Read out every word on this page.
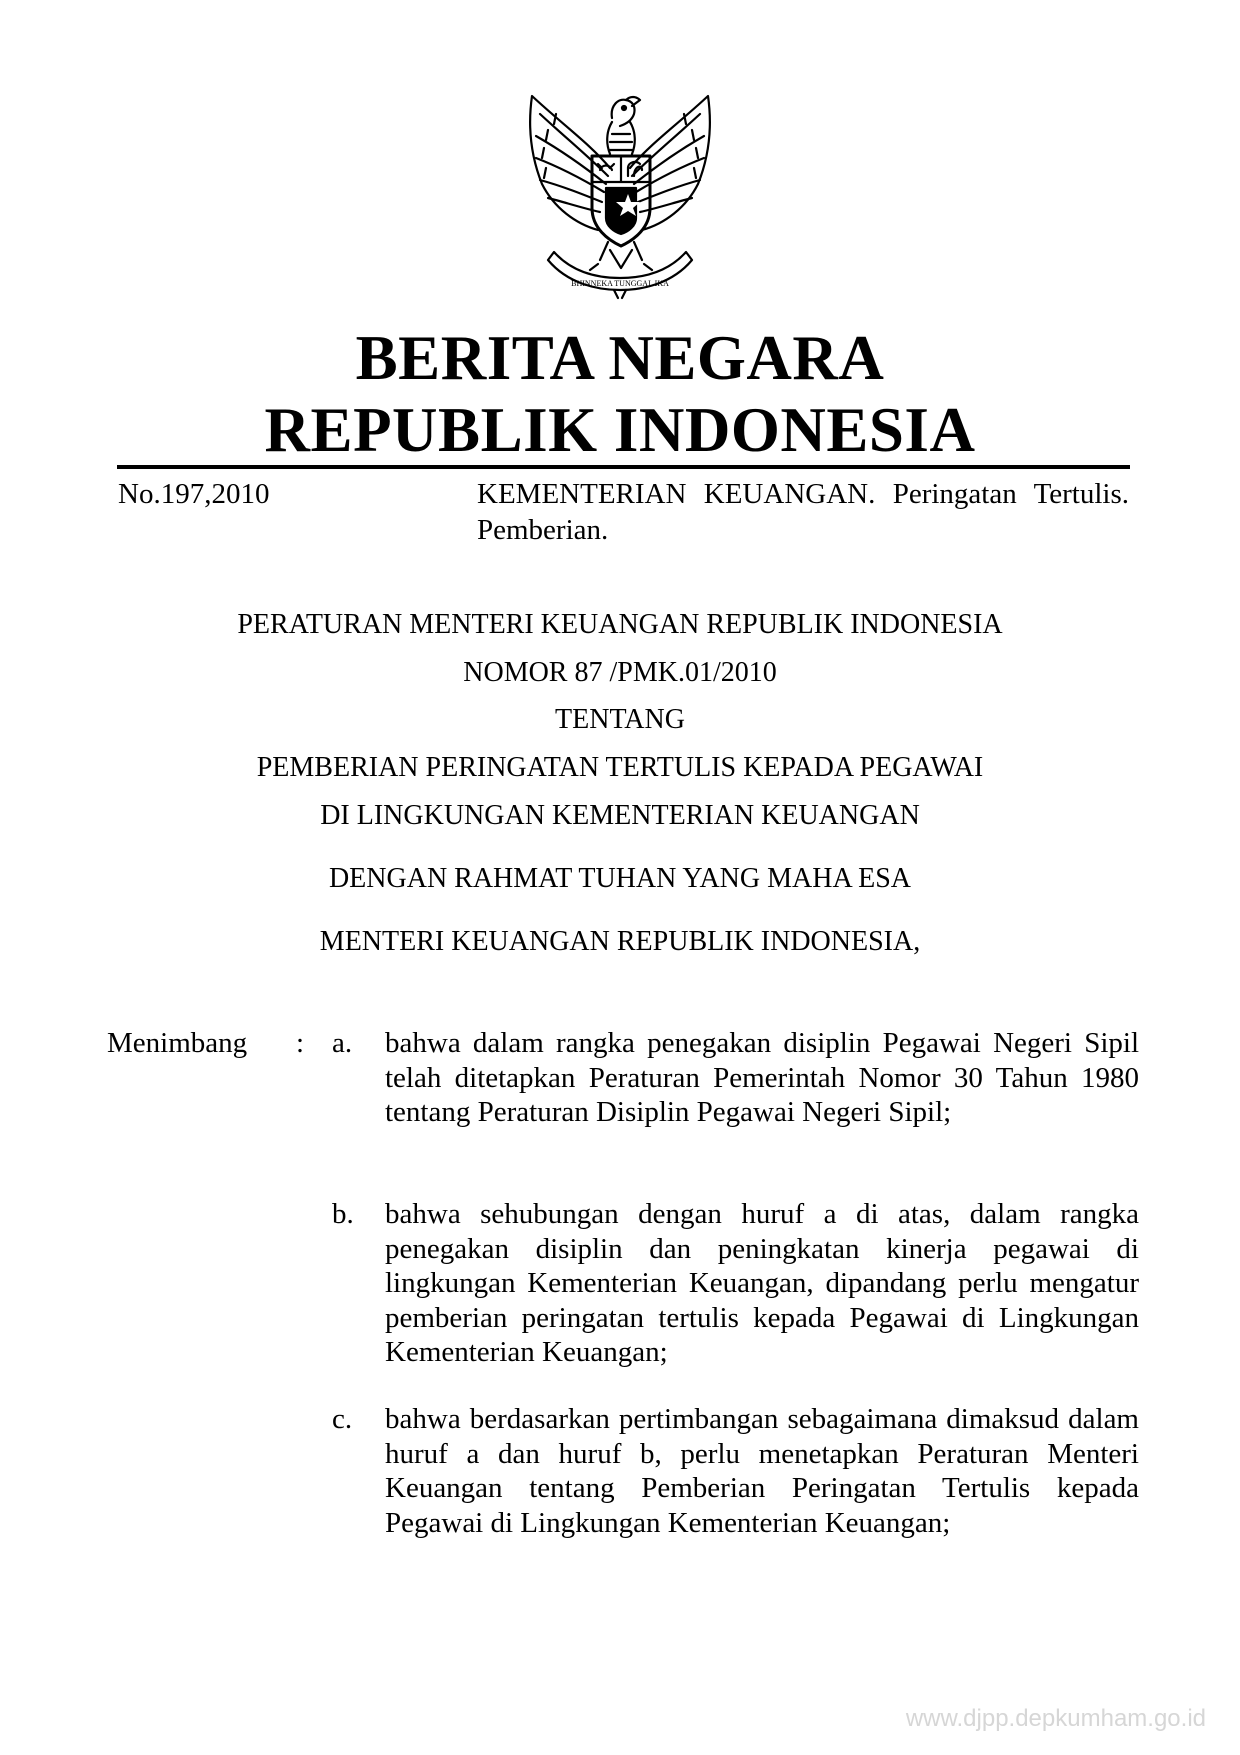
BHINNEKA TUNGGAL IKA
BERITA NEGARA
REPUBLIK INDONESIA
No.197,2010	KEMENTERIAN KEUANGAN. Peringatan Tertulis. Pemberian.
PERATURAN MENTERI KEUANGAN REPUBLIK INDONESIA
NOMOR 87 /PMK.01/2010
TENTANG
PEMBERIAN PERINGATAN TERTULIS KEPADA PEGAWAI
DI LINGKUNGAN KEMENTERIAN KEUANGAN
DENGAN RAHMAT TUHAN YANG MAHA ESA
MENTERI KEUANGAN REPUBLIK INDONESIA,
Menimbang : a. bahwa dalam rangka penegakan disiplin Pegawai Negeri Sipil telah ditetapkan Peraturan Pemerintah Nomor 30 Tahun 1980 tentang Peraturan Disiplin Pegawai Negeri Sipil;
b. bahwa sehubungan dengan huruf a di atas, dalam rangka penegakan disiplin dan peningkatan kinerja pegawai di lingkungan Kementerian Keuangan, dipandang perlu mengatur pemberian peringatan tertulis kepada Pegawai di Lingkungan Kementerian Keuangan;
c. bahwa berdasarkan pertimbangan sebagaimana dimaksud dalam huruf a dan huruf b, perlu menetapkan Peraturan Menteri Keuangan tentang Pemberian Peringatan Tertulis kepada Pegawai di Lingkungan Kementerian Keuangan;
www.djpp.depkumham.go.id
